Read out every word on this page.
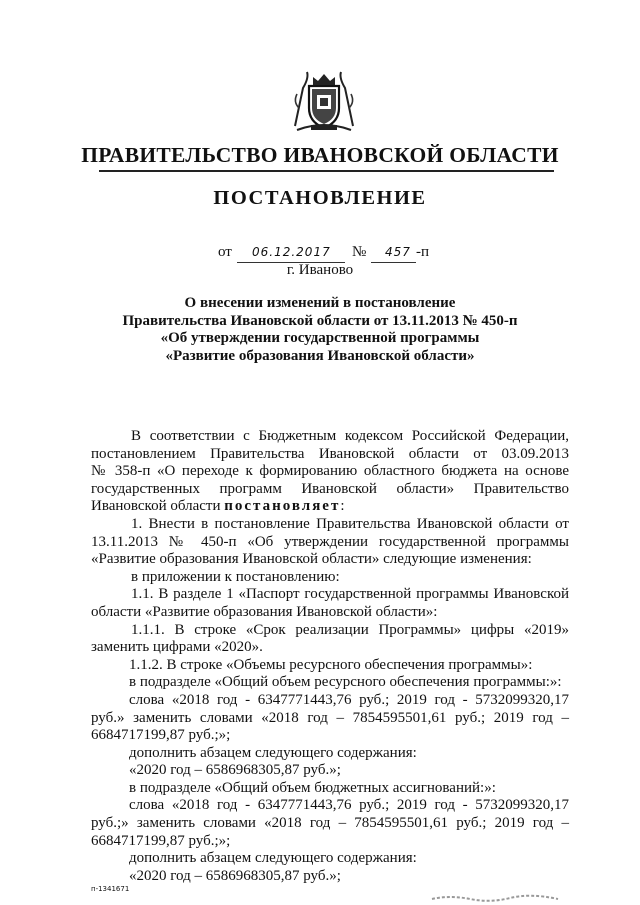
ПРАВИТЕЛЬСТВО ИВАНОВСКОЙ ОБЛАСТИ
ПОСТАНОВЛЕНИЕ
от 06.12.2017 № 457 -п
г. Иваново
О внесении изменений в постановление
Правительства Ивановской области от 13.11.2013 № 450-п
«Об утверждении государственной программы
«Развитие образования Ивановской области»
В соответствии с Бюджетным кодексом Российской Федерации,
постановлением Правительства Ивановской области от 03.09.2013
№ 358-п «О переходе к формированию областного бюджета на основе
государственных программ Ивановской области» Правительство
Ивановской области постановляет:
1. Внести в постановление Правительства Ивановской области от
13.11.2013 № 450-п «Об утверждении государственной программы
«Развитие образования Ивановской области» следующие изменения:
в приложении к постановлению:
1.1. В разделе 1 «Паспорт государственной программы Ивановской
области «Развитие образования Ивановской области»:
1.1.1. В строке «Срок реализации Программы» цифры «2019»
заменить цифрами «2020».
1.1.2. В строке «Объемы ресурсного обеспечения программы»:
в подразделе «Общий объем ресурсного обеспечения программы:»:
слова «2018 год - 6347771443,76 руб.; 2019 год - 5732099320,17
руб.» заменить словами «2018 год – 7854595501,61 руб.; 2019 год –
6684717199,87 руб.;»;
дополнить абзацем следующего содержания:
«2020 год – 6586968305,87 руб.»;
в подразделе «Общий объем бюджетных ассигнований:»:
слова «2018 год - 6347771443,76 руб.; 2019 год - 5732099320,17
руб.;» заменить словами «2018 год – 7854595501,61 руб.; 2019 год –
6684717199,87 руб.;»;
дополнить абзацем следующего содержания:
«2020 год – 6586968305,87 руб.»;
п-1341671
